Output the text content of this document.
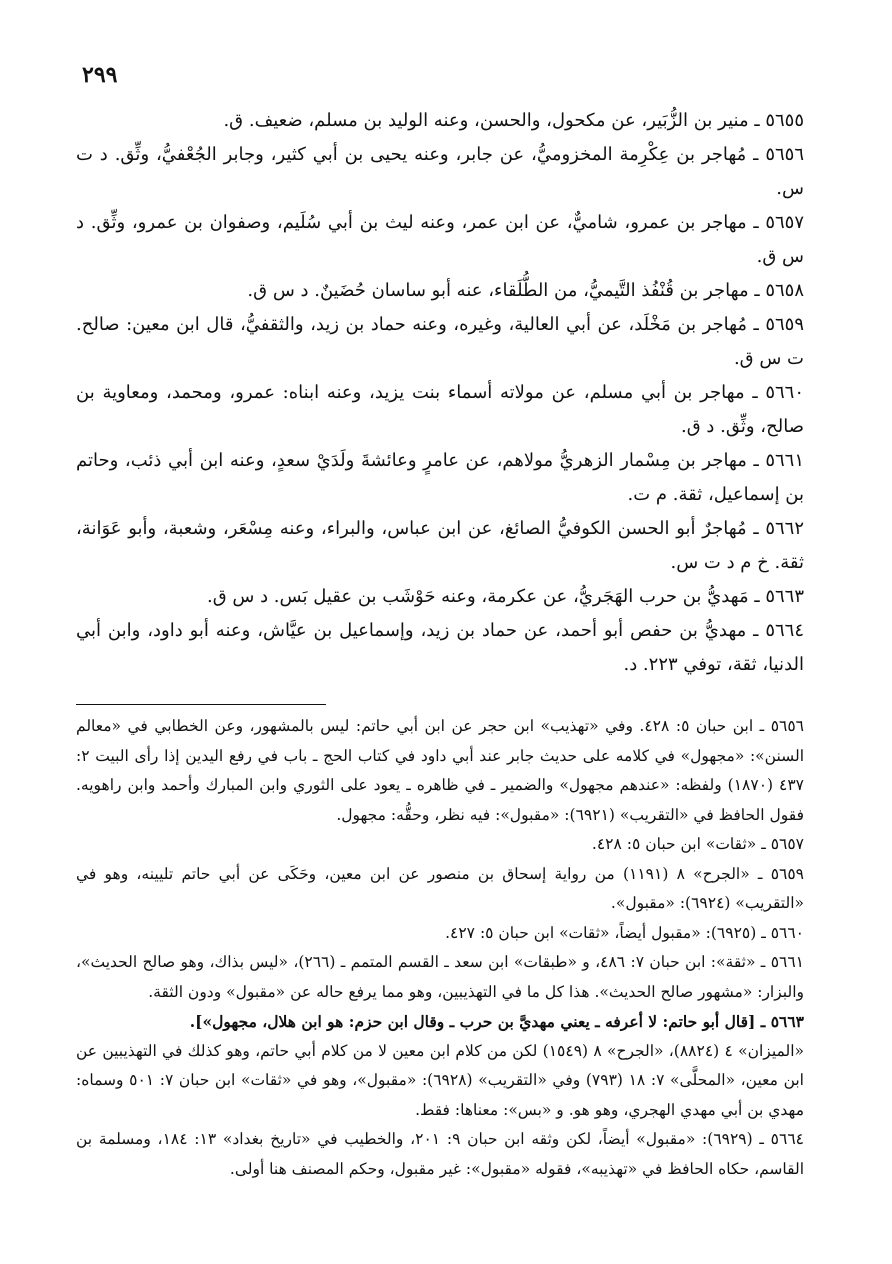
٢٩٩
٥٦٥٥ ـ منير بن الزُّبَير، عن مكحول، والحسن، وعنه الوليد بن مسلم، ضعيف. ق.
٥٦٥٦ ـ مُهاجر بن عِكْرِمة المخزوميُّ، عن جابر، وعنه يحيى بن أبي كثير، وجابر الجُعْفيُّ، وثِّق. د ت س.
٥٦٥٧ ـ مهاجر بن عمرو، شاميٌّ، عن ابن عمر، وعنه ليث بن أبي سُلَيم، وصفوان بن عمرو، وثِّق. د س ق.
٥٦٥٨ ـ مهاجر بن قُنْفُذ التَّيميُّ، من الطُّلَقاء، عنه أبو ساسان حُضَينٌ. د س ق.
٥٦٥٩ ـ مُهاجر بن مَخْلَد، عن أبي العالية، وغيره، وعنه حماد بن زيد، والثقفيُّ، قال ابن معين: صالح. ت س ق.
٥٦٦٠ ـ مهاجر بن أبي مسلم، عن مولاته أسماء بنت يزيد، وعنه ابناه: عمرو، ومحمد، ومعاوية بن صالح، وثِّق. د ق.
٥٦٦١ ـ مهاجر بن مِسْمار الزهريُّ مولاهم، عن عامرٍ وعائشةَ ولَدَيْ سعدٍ، وعنه ابن أبي ذئب، وحاتم بن إسماعيل، ثقة. م ت.
٥٦٦٢ ـ مُهاجرٌ أبو الحسن الكوفيُّ الصائغ، عن ابن عباس، والبراء، وعنه مِسْعَر، وشعبة، وأبو عَوَانة، ثقة. خ م د ت س.
٥٦٦٣ ـ مَهديُّ بن حرب الهَجَريُّ، عن عكرمة، وعنه حَوْشَب بن عقيل بَس. د س ق.
٥٦٦٤ ـ مهديُّ بن حفص أبو أحمد، عن حماد بن زيد، وإسماعيل بن عيَّاش، وعنه أبو داود، وابن أبي الدنيا، ثقة، توفي ٢٢٣. د.
٥٦٥٦ ـ ابن حبان ٥: ٤٢٨. وفي «تهذيب» ابن حجر عن ابن أبي حاتم: ليس بالمشهور، وعن الخطابي في «معالم السنن»: «مجهول» في كلامه على حديث جابر عند أبي داود في كتاب الحج ـ باب في رفع اليدين إذا رأى البيت ٢: ٤٣٧ (١٨٧٠) ولفظه: «عندهم مجهول» والضمير ـ في ظاهره ـ يعود على الثوري وابن المبارك وأحمد وابن راهويه. فقول الحافظ في «التقريب» (٦٩٢١): «مقبول»: فيه نظر، وحقُّه: مجهول.
٥٦٥٧ ـ «ثقات» ابن حبان ٥: ٤٢٨.
٥٦٥٩ ـ «الجرح» ٨ (١١٩١) من رواية إسحاق بن منصور عن ابن معين، وحَكَى عن أبي حاتم تليينه، وهو في «التقريب» (٦٩٢٤): «مقبول».
٥٦٦٠ ـ (٦٩٢٥): «مقبول أيضاً، «ثقات» ابن حبان ٥: ٤٢٧.
٥٦٦١ ـ «ثقة»: ابن حبان ٧: ٤٨٦، و «طبقات» ابن سعد ـ القسم المتمم ـ (٢٦٦)، «ليس بذاك، وهو صالح الحديث»، والبزار: «مشهور صالح الحديث». هذا كل ما في التهذيبين، وهو مما يرفع حاله عن «مقبول» ودون الثقة.
٥٦٦٣ ـ [قال أبو حاتم: لا أعرفه ـ يعني مهديَّ بن حرب ـ وقال ابن حزم: هو ابن هلال، مجهول»].
«الميزان» ٤ (٨٨٢٤)، «الجرح» ٨ (١٥٤٩) لكن من كلام ابن معين لا من كلام أبي حاتم، وهو كذلك في التهذيبين عن ابن معين، «المحلَّى» ٧: ١٨ (٧٩٣) وفي «التقريب» (٦٩٢٨): «مقبول»، وهو في «ثقات» ابن حبان ٧: ٥٠١ وسماه: مهدي بن أبي مهدي الهجري، وهو هو. و «بس»: معناها: فقط.
٥٦٦٤ ـ (٦٩٢٩): «مقبول» أيضاً، لكن وثقه ابن حبان ٩: ٢٠١، والخطيب في «تاريخ بغداد» ١٣: ١٨٤، ومسلمة بن القاسم، حكاه الحافظ في «تهذيبه»، فقوله «مقبول»: غير مقبول، وحكم المصنف هنا أولى.
